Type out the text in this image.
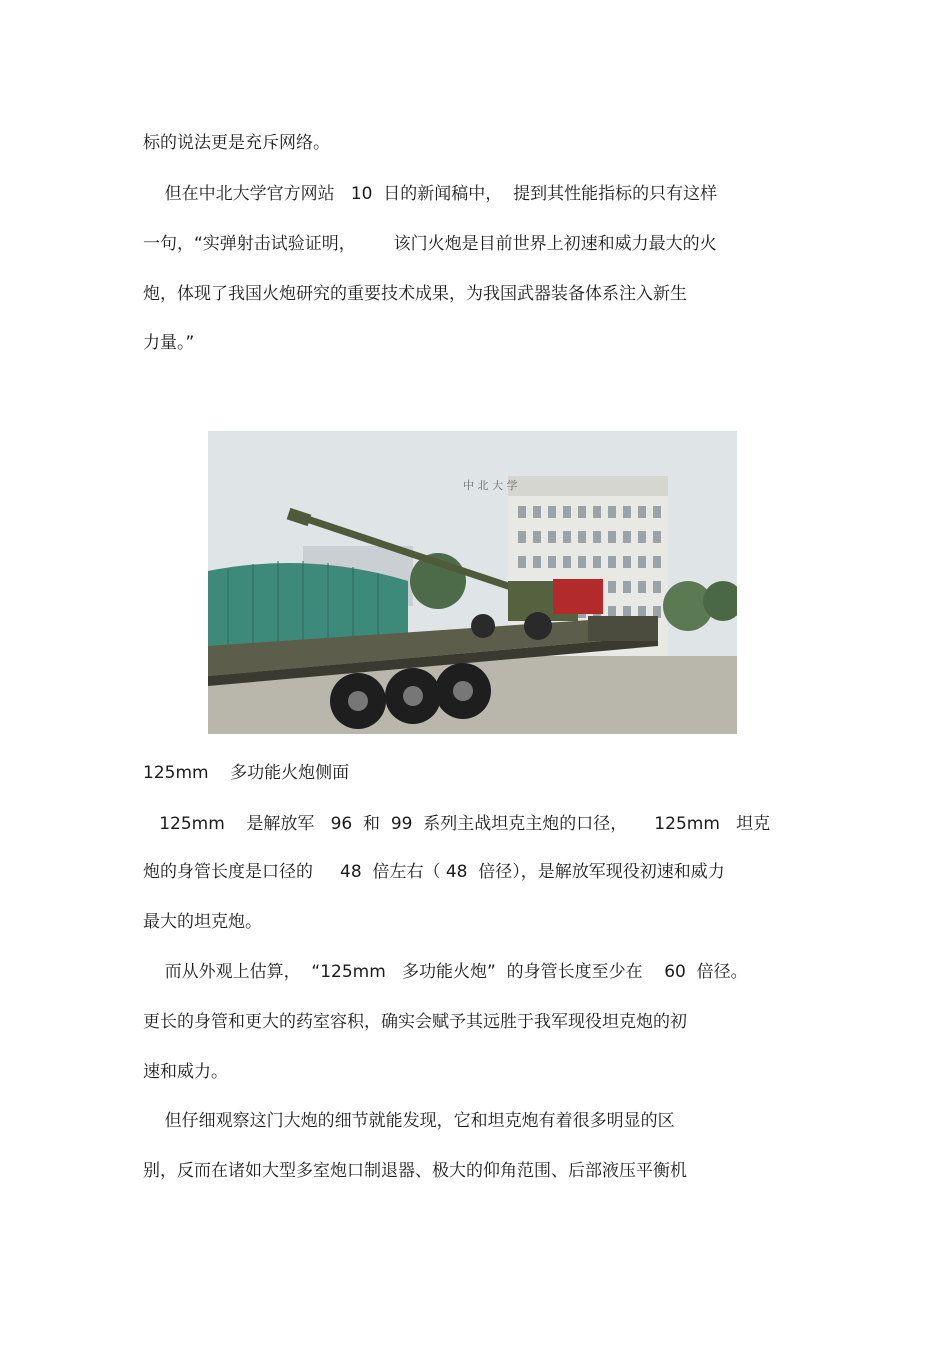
标的说法更是充斥网络。
但在中北大学官方网站   10  日的新闻稿中，  提到其性能指标的只有这样
一句，“实弹射击试验证明，       该门火炮是目前世界上初速和威力最大的火
炮，体现了我国火炮研究的重要技术成果，为我国武器装备体系注入新生
力量。”
中 北 大 学
125mm    多功能火炮侧面
125mm    是解放军   96  和  99  系列主战坦克主炮的口径，     125mm   坦克
炮的身管长度是口径的     48  倍左右（ 48  倍径），是解放军现役初速和威力
最大的坦克炮。
而从外观上估算，  “125mm   多功能火炮”  的身管长度至少在    60  倍径。
更长的身管和更大的药室容积，确实会赋予其远胜于我军现役坦克炮的初
速和威力。
但仔细观察这门大炮的细节就能发现，它和坦克炮有着很多明显的区
别，反而在诸如大型多室炮口制退器、极大的仰角范围、后部液压平衡机
